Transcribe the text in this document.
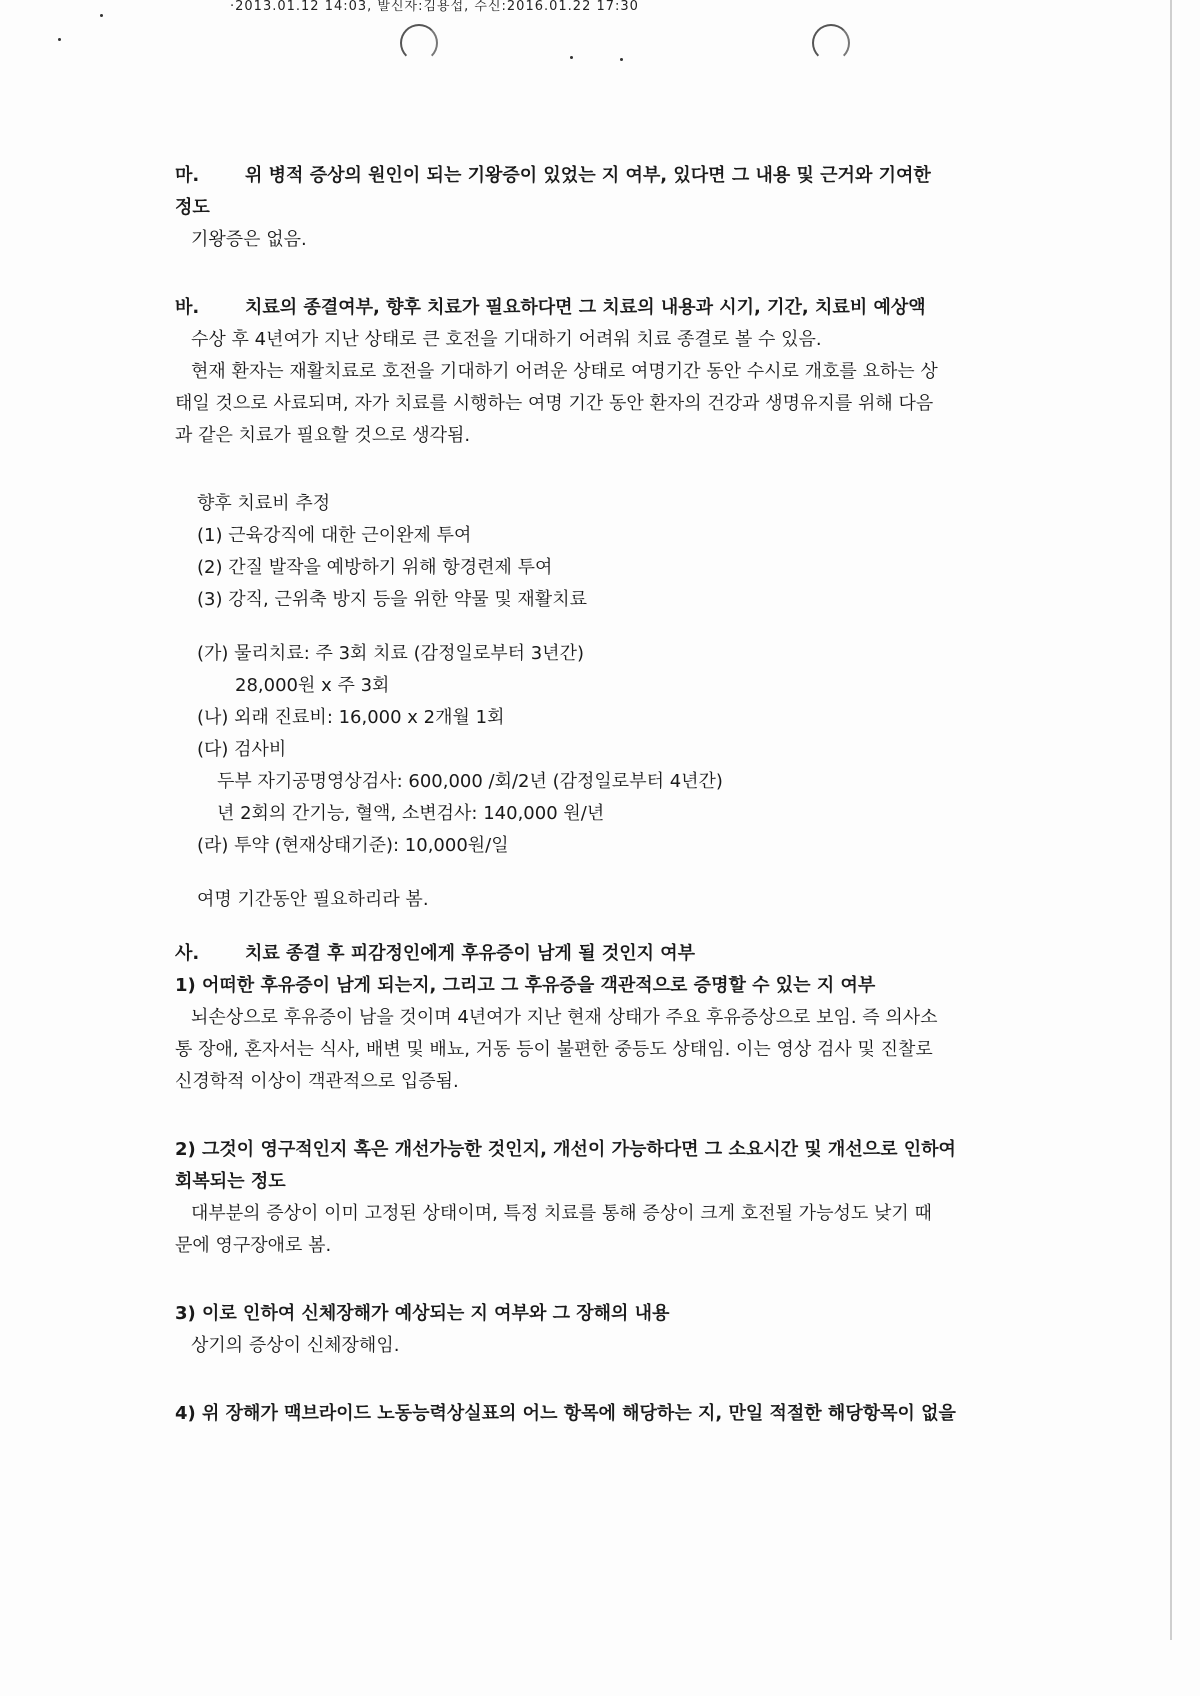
·2013.01.12 14:03, 발신자:김용섭, 수신:2016.01.22 17:30
마.	위 병적 증상의 원인이 되는 기왕증이 있었는 지 여부, 있다면 그 내용 및 근거와 기여한
정도
기왕증은 없음.
바.	치료의 종결여부, 향후 치료가 필요하다면 그 치료의 내용과 시기, 기간, 치료비 예상액
수상 후 4년여가 지난 상태로 큰 호전을 기대하기 어려워 치료 종결로 볼 수 있음.
현재 환자는 재활치료로 호전을 기대하기 어려운 상태로 여명기간 동안 수시로 개호를 요하는 상
태일 것으로 사료되며, 자가 치료를 시행하는 여명 기간 동안 환자의 건강과 생명유지를 위해 다음
과 같은 치료가 필요할 것으로 생각됨.
향후 치료비 추정
(1) 근육강직에 대한 근이완제 투여
(2) 간질 발작을 예방하기 위해 항경련제 투여
(3) 강직, 근위축 방지 등을 위한 약물 및 재활치료
(가) 물리치료: 주 3회 치료 (감정일로부터 3년간)
28,000원 x 주 3회
(나) 외래 진료비: 16,000 x 2개월 1회
(다) 검사비
두부 자기공명영상검사: 600,000 /회/2년 (감정일로부터 4년간)
년 2회의 간기능, 혈액, 소변검사: 140,000 원/년
(라) 투약 (현재상태기준): 10,000원/일
여명 기간동안 필요하리라 봄.
사.	치료 종결 후 피감정인에게 후유증이 남게 될 것인지 여부
1) 어떠한 후유증이 남게 되는지, 그리고 그 후유증을 객관적으로 증명할 수 있는 지 여부
뇌손상으로 후유증이 남을 것이며 4년여가 지난 현재 상태가 주요 후유증상으로 보임. 즉 의사소
통 장애, 혼자서는 식사, 배변 및 배뇨, 거동 등이 불편한 중등도 상태임. 이는 영상 검사 및 진찰로
신경학적 이상이 객관적으로 입증됨.
2) 그것이 영구적인지 혹은 개선가능한 것인지, 개선이 가능하다면 그 소요시간 및 개선으로 인하여
회복되는 정도
대부분의 증상이 이미 고정된 상태이며, 특정 치료를 통해 증상이 크게 호전될 가능성도 낮기 때
문에 영구장애로 봄.
3) 이로 인하여 신체장해가 예상되는 지 여부와 그 장해의 내용
상기의 증상이 신체장해임.
4) 위 장해가 맥브라이드 노동능력상실표의 어느 항목에 해당하는 지, 만일 적절한 해당항목이 없을
